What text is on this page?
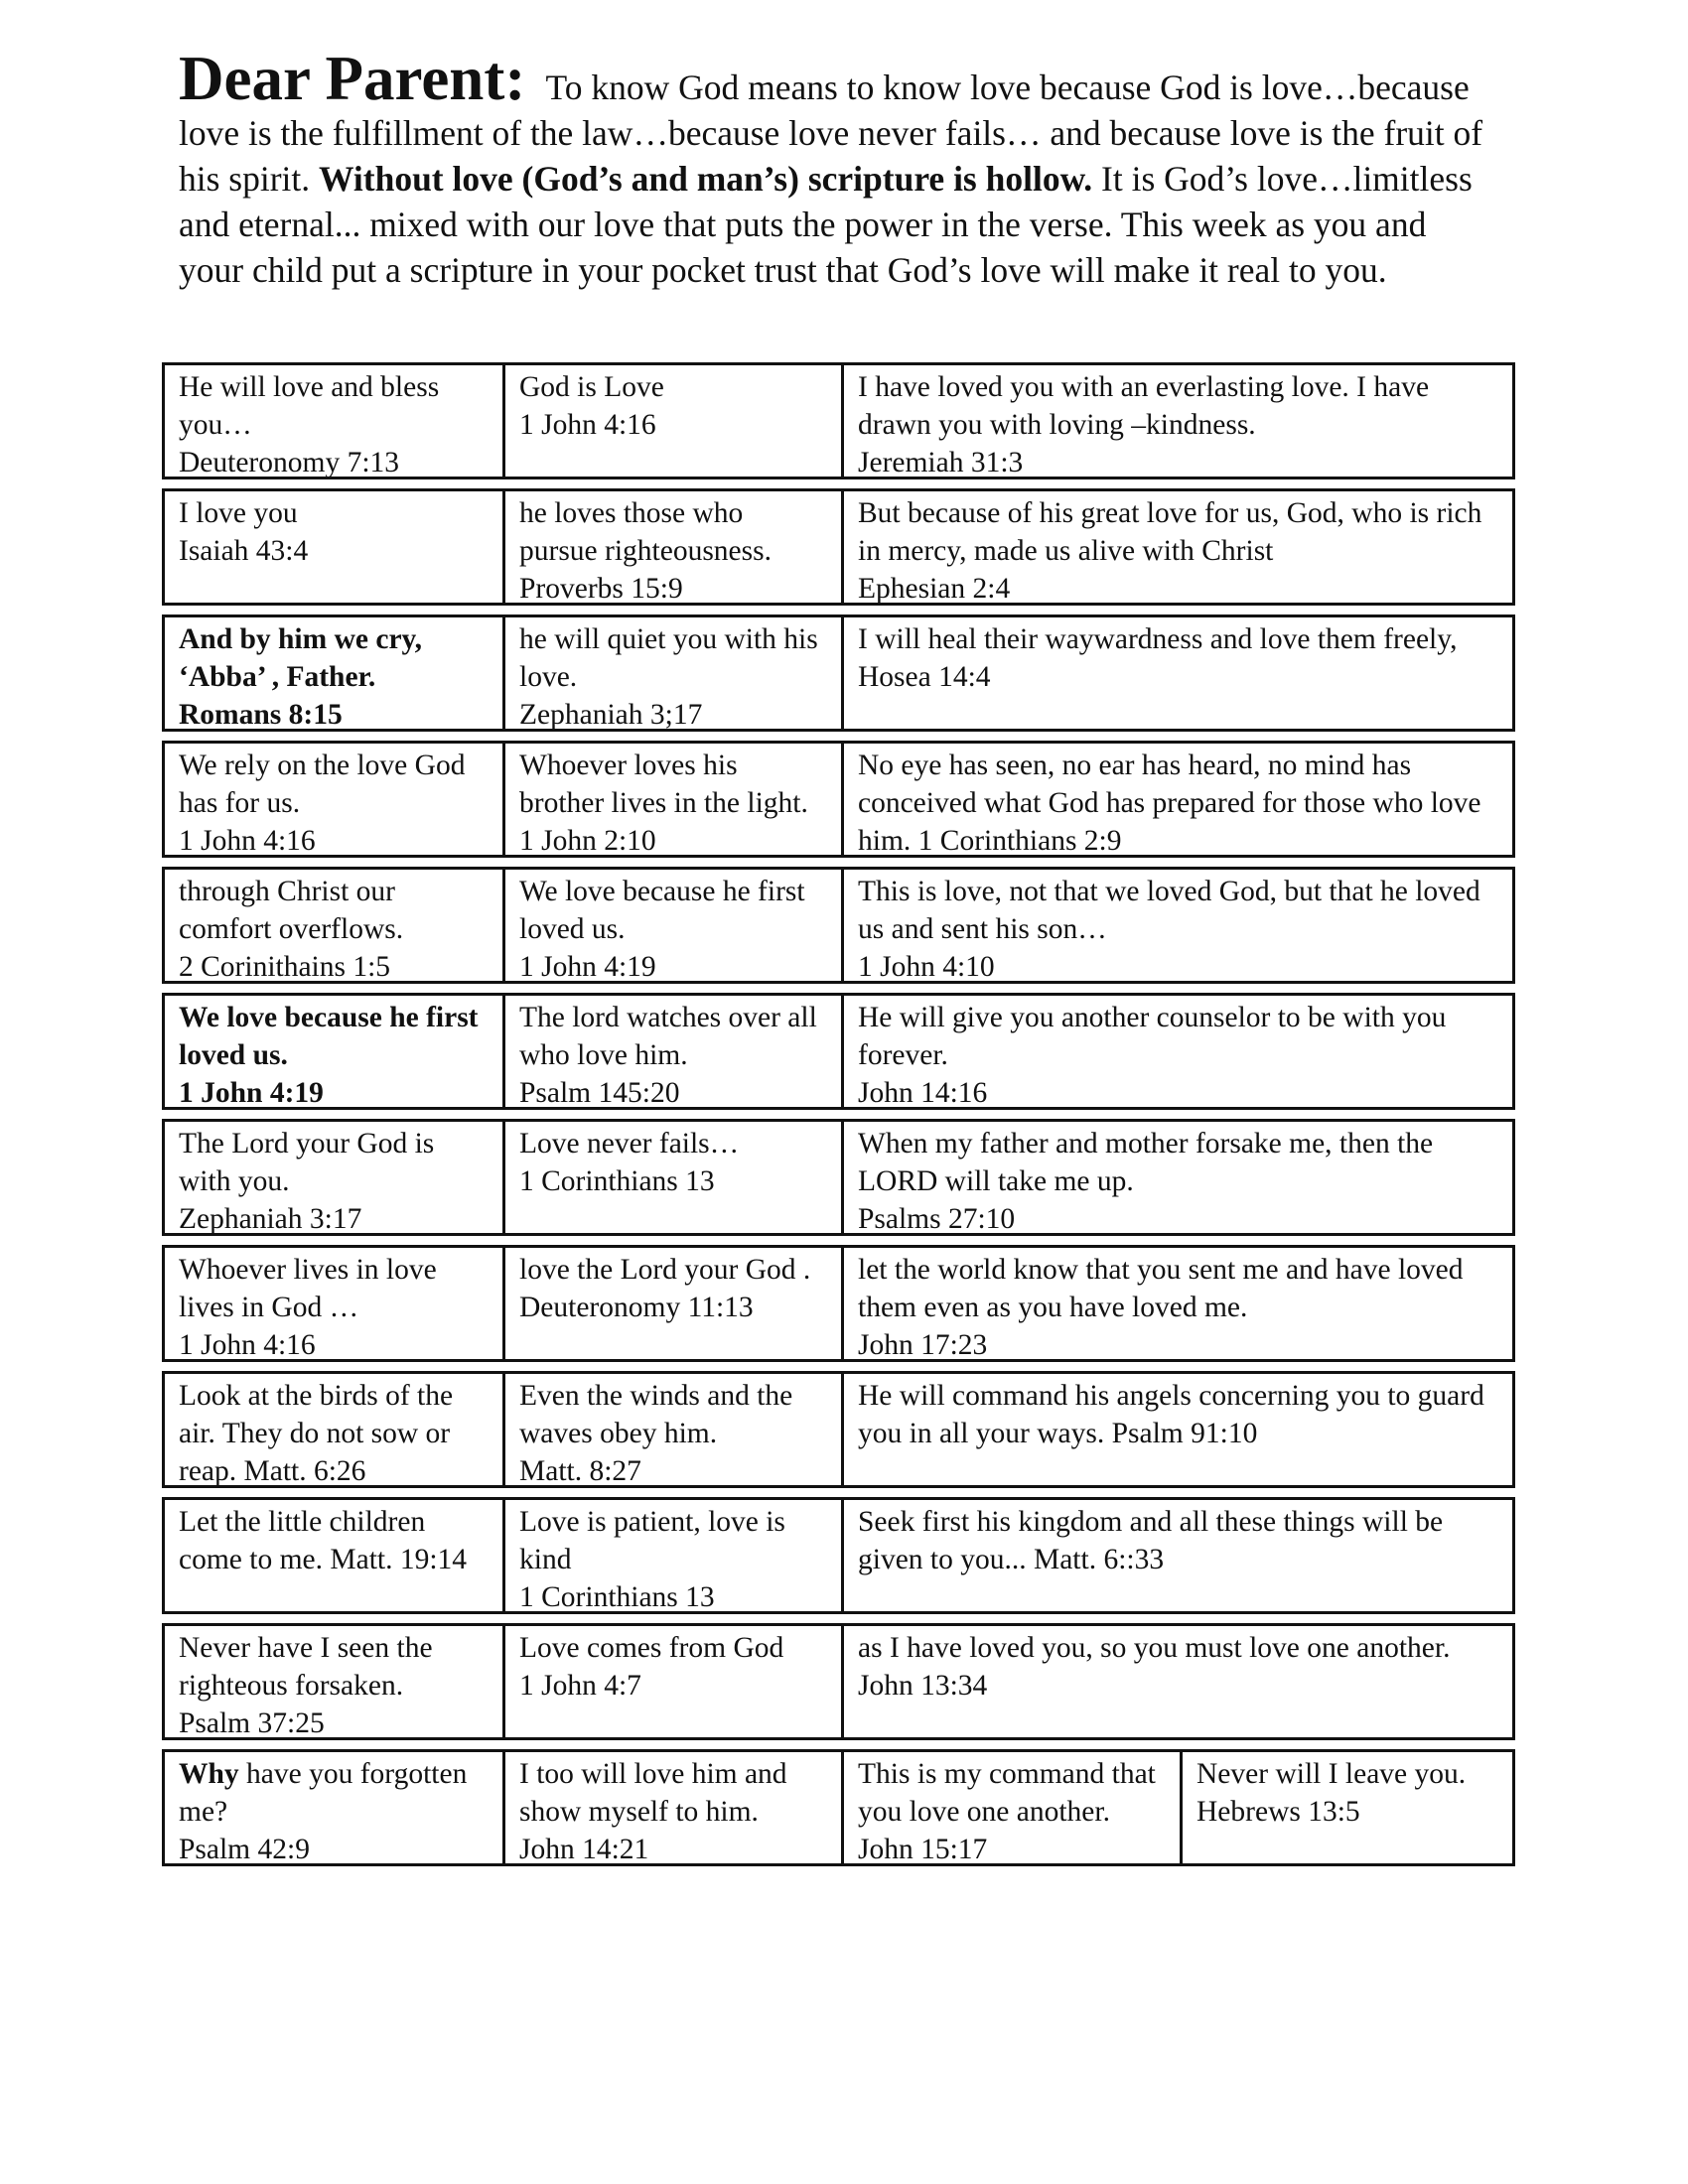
Dear Parent: To know God means to know love because God is love…because love is the fulfillment of the law…because love never fails… and because love is the fruit of his spirit. Without love (God’s and man’s) scripture is hollow. It is God’s love…limitless and eternal... mixed with our love that puts the power in the verse. This week as you and your child put a scripture in your pocket trust that God’s love will make it real to you.
He will love and bless you…
Deuteronomy 7:13
God is Love
1 John 4:16
I have loved you with an everlasting love. I have drawn you with loving –kindness.
Jeremiah 31:3
I love you
Isaiah 43:4
he loves those who pursue righteousness.
Proverbs 15:9
But because of his great love for us, God, who is rich in mercy, made us alive with Christ
Ephesian 2:4
And by him we cry, ‘Abba’ , Father.
Romans 8:15
he will quiet you with his love.
Zephaniah 3;17
I will heal their waywardness and love them freely,
Hosea 14:4
We rely on the love God has for us.
1 John 4:16
Whoever loves his brother lives in the light. 1 John 2:10
No eye has seen, no ear has heard, no mind has conceived what God has prepared for those who love him. 1 Corinthians 2:9
through Christ our comfort overflows.
2 Corinithains 1:5
We love because he first loved us.
1 John 4:19
This is love, not that we loved God, but that he loved us and sent his son…
1 John 4:10
We love because he first loved us.
1 John 4:19
The lord watches over all who love him.
Psalm 145:20
He will give you another counselor to be with you forever.
John 14:16
The Lord your God is with you.
Zephaniah 3:17
Love never fails…
1 Corinthians 13
When my father and mother forsake me, then the LORD will take me up.
Psalms 27:10
Whoever lives in love lives in God …
1 John 4:16
love the Lord your God .
Deuteronomy 11:13
let the world know that you sent me and have loved them even as you have loved me.
John 17:23
Look at the birds of the air. They do not sow or reap. Matt. 6:26
Even the winds and the waves obey him.
Matt. 8:27
He will command his angels concerning you to guard you in all your ways. Psalm 91:10
Let the little children come to me. Matt. 19:14
Love is patient, love is kind
1 Corinthians 13
Seek first his kingdom and all these things will be given to you... Matt. 6::33
Never have I seen the righteous forsaken.
Psalm 37:25
Love comes from God
1 John 4:7
as I have loved you, so you must love one another.
John 13:34
Why have you forgotten me?
Psalm 42:9
I too will love him and show myself to him.
John 14:21
This is my command that you love one another. John 15:17
Never will I leave you.
Hebrews 13:5
